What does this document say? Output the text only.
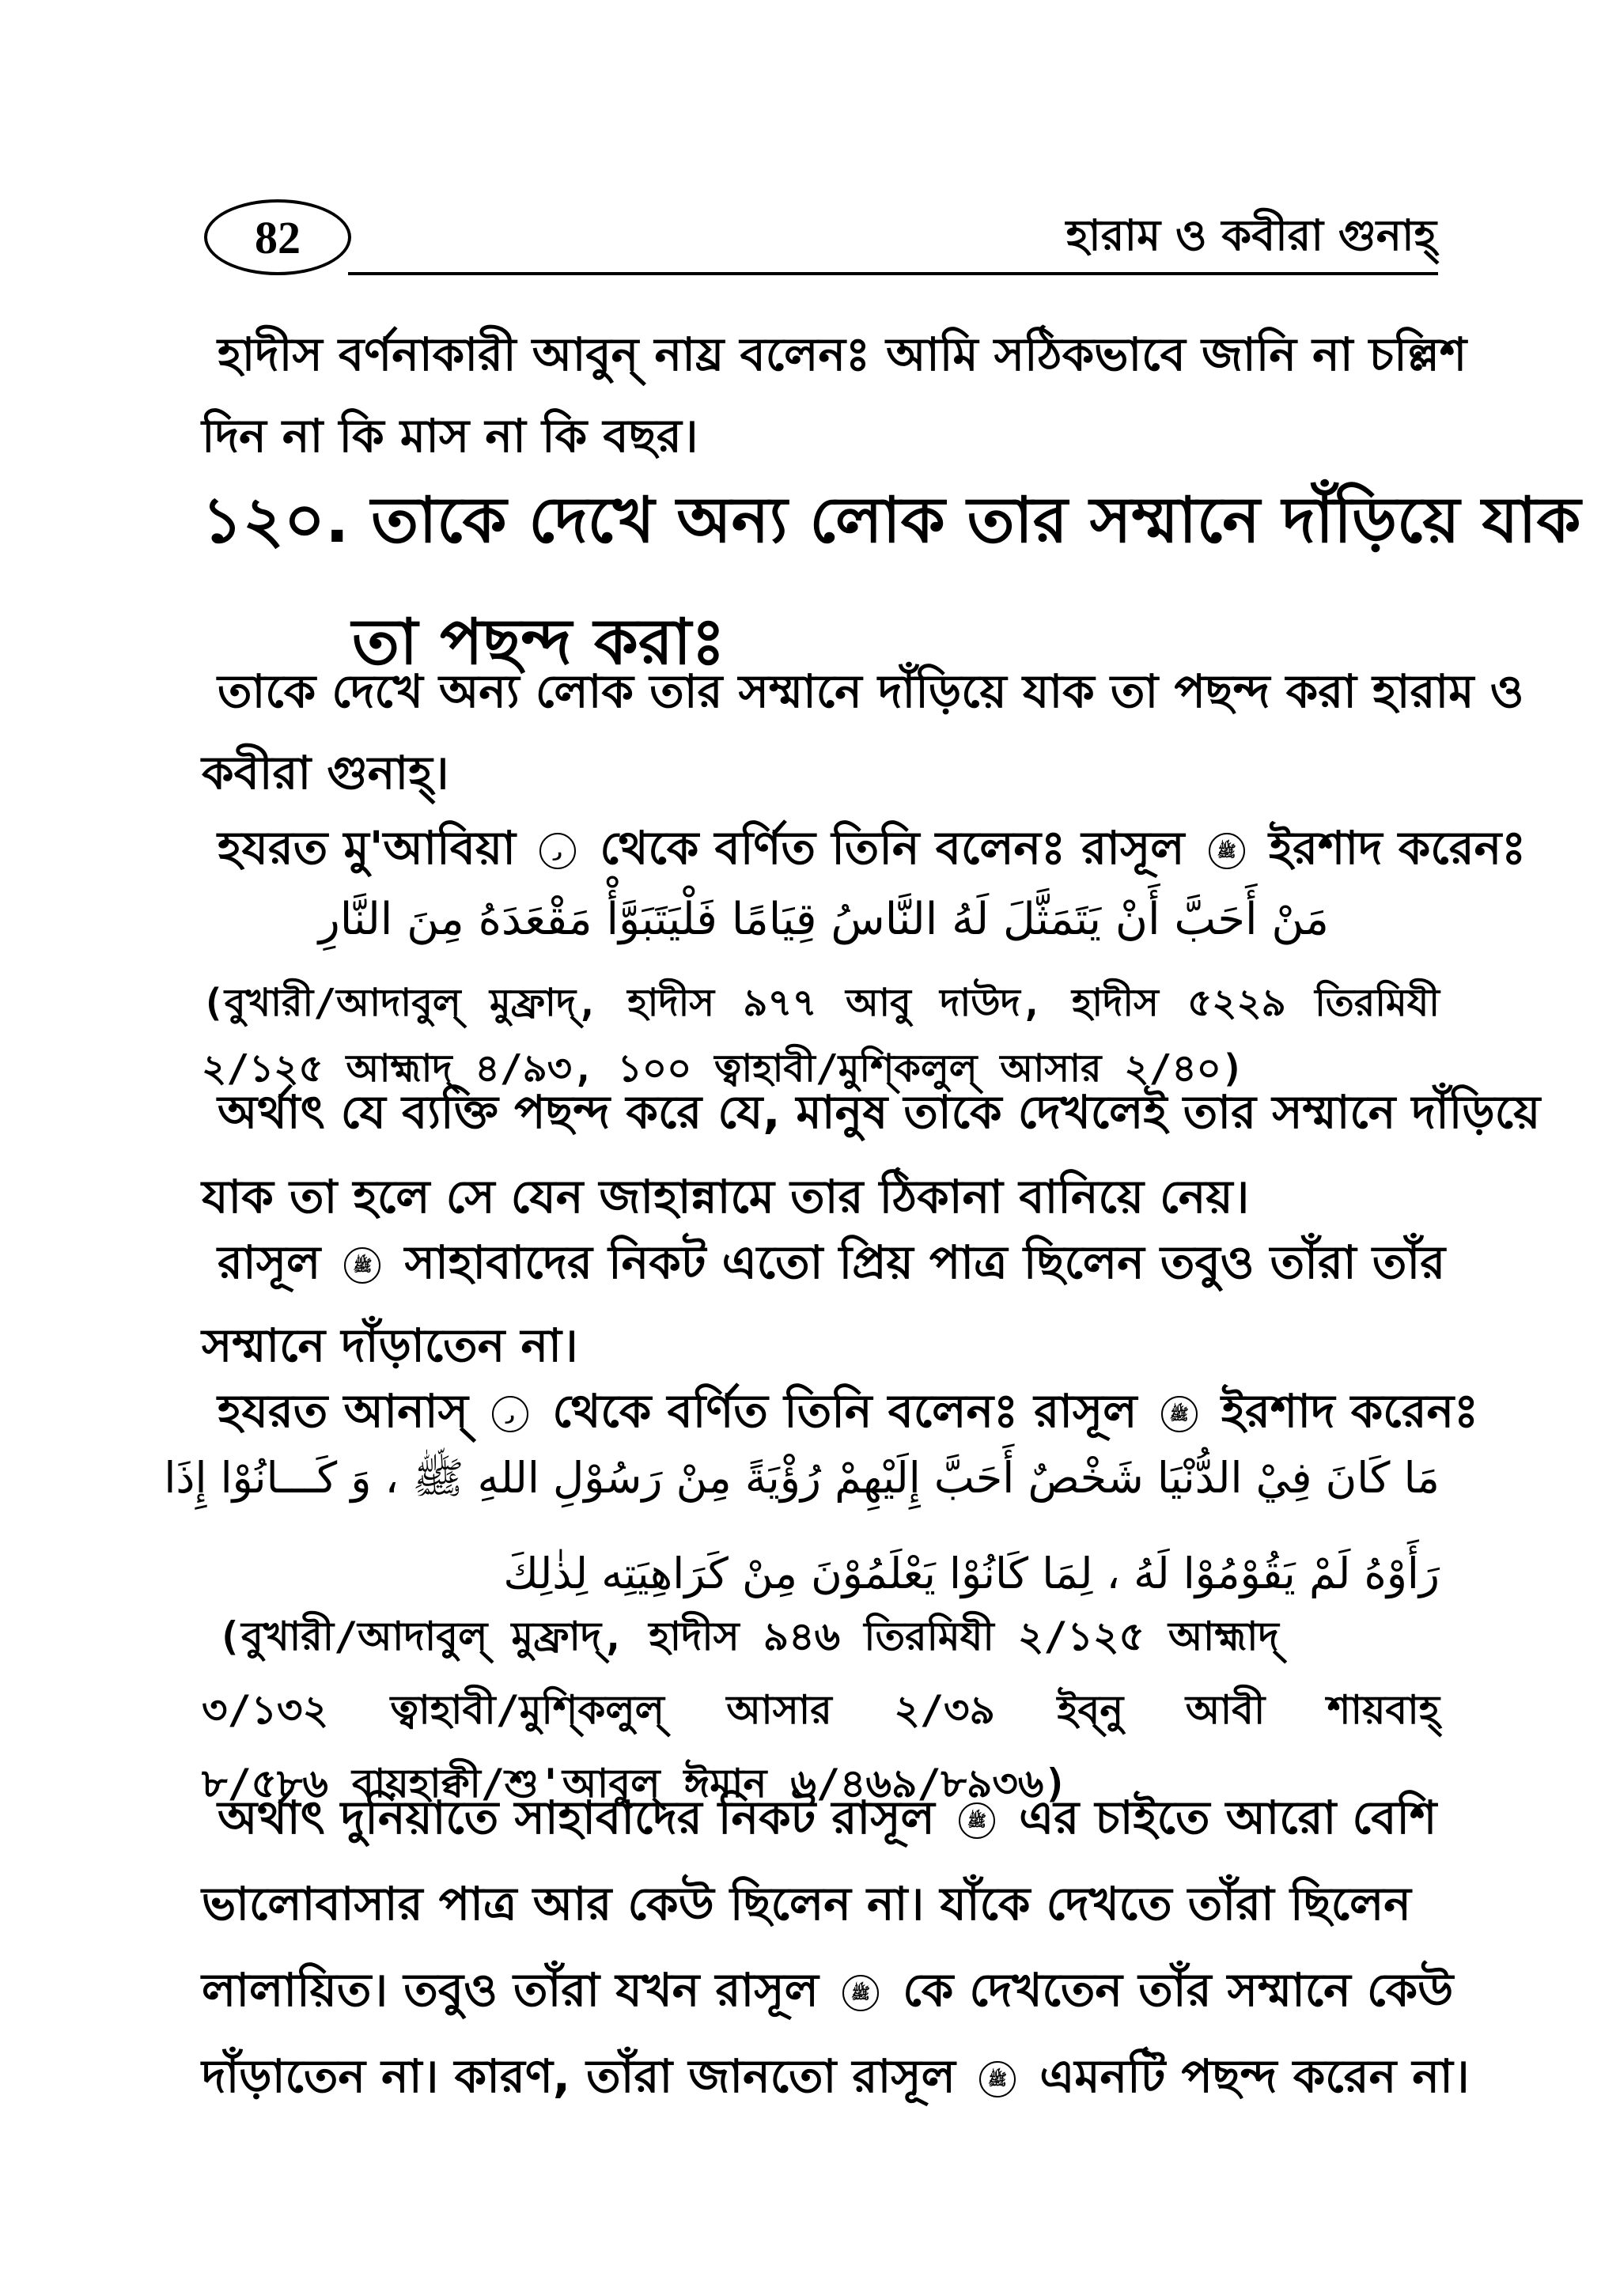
82	হারাম ও কবীরা গুনাহ্
হাদীস বর্ণনাকারী আবুন্ নায্র বলেনঃ আমি সঠিকভাবে জানি না চল্লিশ
দিন না কি মাস না কি বছর।
১২০. তাকে দেখে অন্য লোক তার সম্মানে দাঁড়িয়ে যাক
তা পছন্দ করাঃ
তাকে দেখে অন্য লোক তার সম্মানে দাঁড়িয়ে যাক তা পছন্দ করা হারাম ও
কবীরা গুনাহ্।
হযরত মু'আবিয়া ر থেকে বর্ণিত তিনি বলেনঃ রাসূল ﷺ ইরশাদ করেনঃ
مَنْ أَحَبَّ أَنْ يَتَمَثَّلَ لَهُ النَّاسُ قِيَامًا فَلْيَتَبَوَّأْ مَقْعَدَهُ مِنَ النَّارِ
(বুখারী/আদাবুল্ মুফ্রাদ্, হাদীস ৯৭৭ আবু দাউদ, হাদীস ৫২২৯ তিরমিযী
২/১২৫ আহ্মাদ্ ৪/৯৩, ১০০ ত্বাহাবী/মুশ্কিলুল্ আসার ২/৪০)
অর্থাৎ যে ব্যক্তি পছন্দ করে যে, মানুষ তাকে দেখলেই তার সম্মানে দাঁড়িয়ে
যাক তা হলে সে যেন জাহান্নামে তার ঠিকানা বানিয়ে নেয়।
রাসূল ﷺ সাহাবাদের নিকট এতো প্রিয় পাত্র ছিলেন তবুও তাঁরা তাঁর
সম্মানে দাঁড়াতেন না।
হযরত আনাস্ ر থেকে বর্ণিত তিনি বলেনঃ রাসূল ﷺ ইরশাদ করেনঃ
مَا كَانَ فِيْ الدُّنْيَا شَخْصٌ أَحَبَّ إِلَيْهِمْ رُؤْيَةً مِنْ رَسُوْلِ اللهِ ﷺ ، وَ كَـــانُوْا إِذَا
رَأَوْهُ لَمْ يَقُوْمُوْا لَهُ ، لِمَا كَانُوْا يَعْلَمُوْنَ مِنْ كَرَاهِيَتِه لِذٰلِكَ
(বুখারী/আদাবুল্ মুফ্রাদ্, হাদীস ৯৪৬ তিরমিযী ২/১২৫ আহ্মাদ্
৩/১৩২ ত্বাহাবী/মুশ্কিলুল্ আসার ২/৩৯ ইব্নু আবী শায়বাহ্
৮/৫৮৬ বায়হাক্বী/শু'আবুল্ ঈমান ৬/৪৬৯/৮৯৩৬)
অর্থাৎ দুনিয়াতে সাহাবাদের নিকট রাসূল ﷺ এর চাইতে আরো বেশি
ভালোবাসার পাত্র আর কেউ ছিলেন না। যাঁকে দেখতে তাঁরা ছিলেন
লালায়িত। তবুও তাঁরা যখন রাসূল ﷺ কে দেখতেন তাঁর সম্মানে কেউ
দাঁড়াতেন না। কারণ, তাঁরা জানতো রাসূল ﷺ এমনটি পছন্দ করেন না।
